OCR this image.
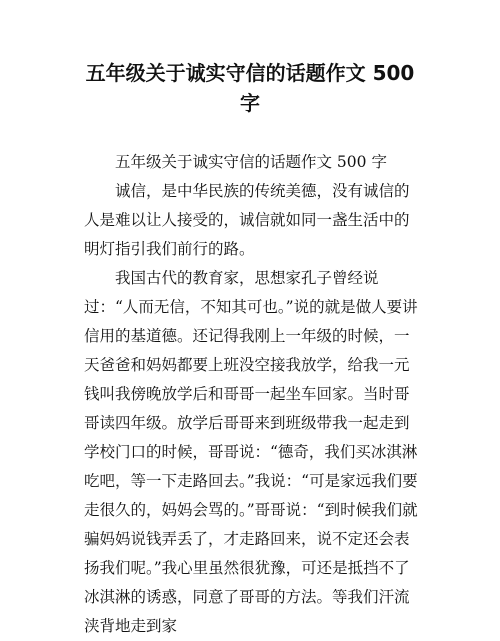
五年级关于诚实守信的话题作文 500 字

五年级关于诚实守信的话题作文 500 字

诚信，是中华民族的传统美德，没有诚信的人是难以让人接受的，诚信就如同一盏生活中的明灯指引我们前行的路。

我国古代的教育家，思想家孔子曾经说过：“人而无信，不知其可也。”说的就是做人要讲信用的基道德。还记得我刚上一年级的时候，一天爸爸和妈妈都要上班没空接我放学，给我一元钱叫我傍晚放学后和哥哥一起坐车回家。当时哥哥读四年级。放学后哥哥来到班级带我一起走到学校门口的时候，哥哥说：“德奇，我们买冰淇淋吃吧，等一下走路回去。”我说：“可是家远我们要走很久的，妈妈会骂的。”哥哥说：“到时候我们就骗妈妈说钱弄丢了，才走路回来，说不定还会表扬我们呢。”我心里虽然很犹豫，可还是抵挡不了冰淇淋的诱惑，同意了哥哥的方法。等我们汗流浃背地走到家
